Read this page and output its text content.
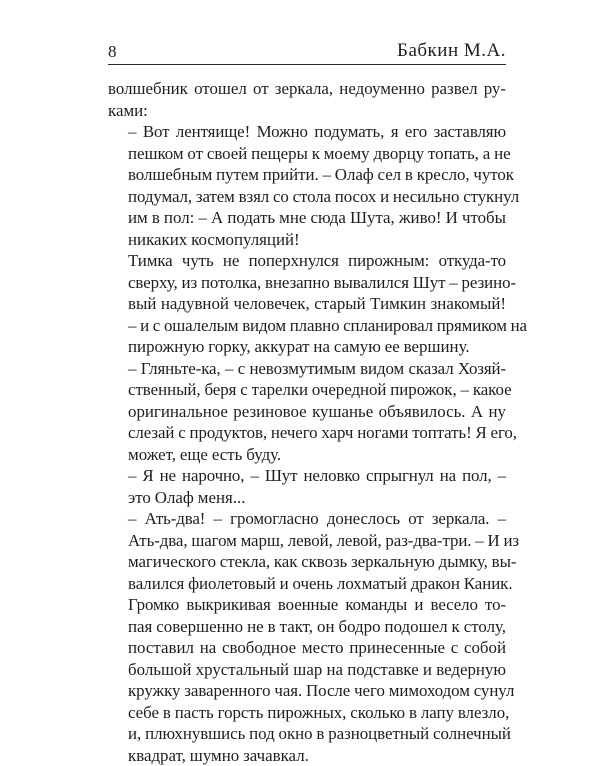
8	Бабкин М.А.

волшебник отошел от зеркала, недоуменно развел ру-
ками:

– Вот лентяище! Можно подумать, я его заставляю
пешком от своей пещеры к моему дворцу топать, а не
волшебным путем прийти. – Олаф сел в кресло, чуток
подумал, затем взял со стола посох и несильно стукнул
им в пол: – А подать мне сюда Шута, живо! И чтобы
никаких космопуляций!

Тимка чуть не поперхнулся пирожным: откуда-то
сверху, из потолка, внезапно вывалился Шут – резино-
вый надувной человечек, старый Тимкин знакомый!
– и с ошалелым видом плавно спланировал прямиком на
пирожную горку, аккурат на самую ее вершину.

– Гляньте-ка, – с невозмутимым видом сказал Хозяй-
ственный, беря с тарелки очередной пирожок, – какое
оригинальное резиновое кушанье объявилось. А ну
слезай с продуктов, нечего харч ногами топтать! Я его,
может, еще есть буду.

– Я не нарочно, – Шут неловко спрыгнул на пол, –
это Олаф меня...

– Ать-два! – громогласно донеслось от зеркала. –
Ать-два, шагом марш, левой, левой, раз-два-три. – И из
магического стекла, как сквозь зеркальную дымку, вы-
валился фиолетовый и очень лохматый дракон Каник.

Громко выкрикивая военные команды и весело то-
пая совершенно не в такт, он бодро подошел к столу,
поставил на свободное место принесенные с собой
большой хрустальный шар на подставке и ведерную
кружку заваренного чая. После чего мимоходом сунул
себе в пасть горсть пирожных, сколько в лапу влезло,
и, плюхнувшись под окно в разноцветный солнечный
квадрат, шумно зачавкал.
